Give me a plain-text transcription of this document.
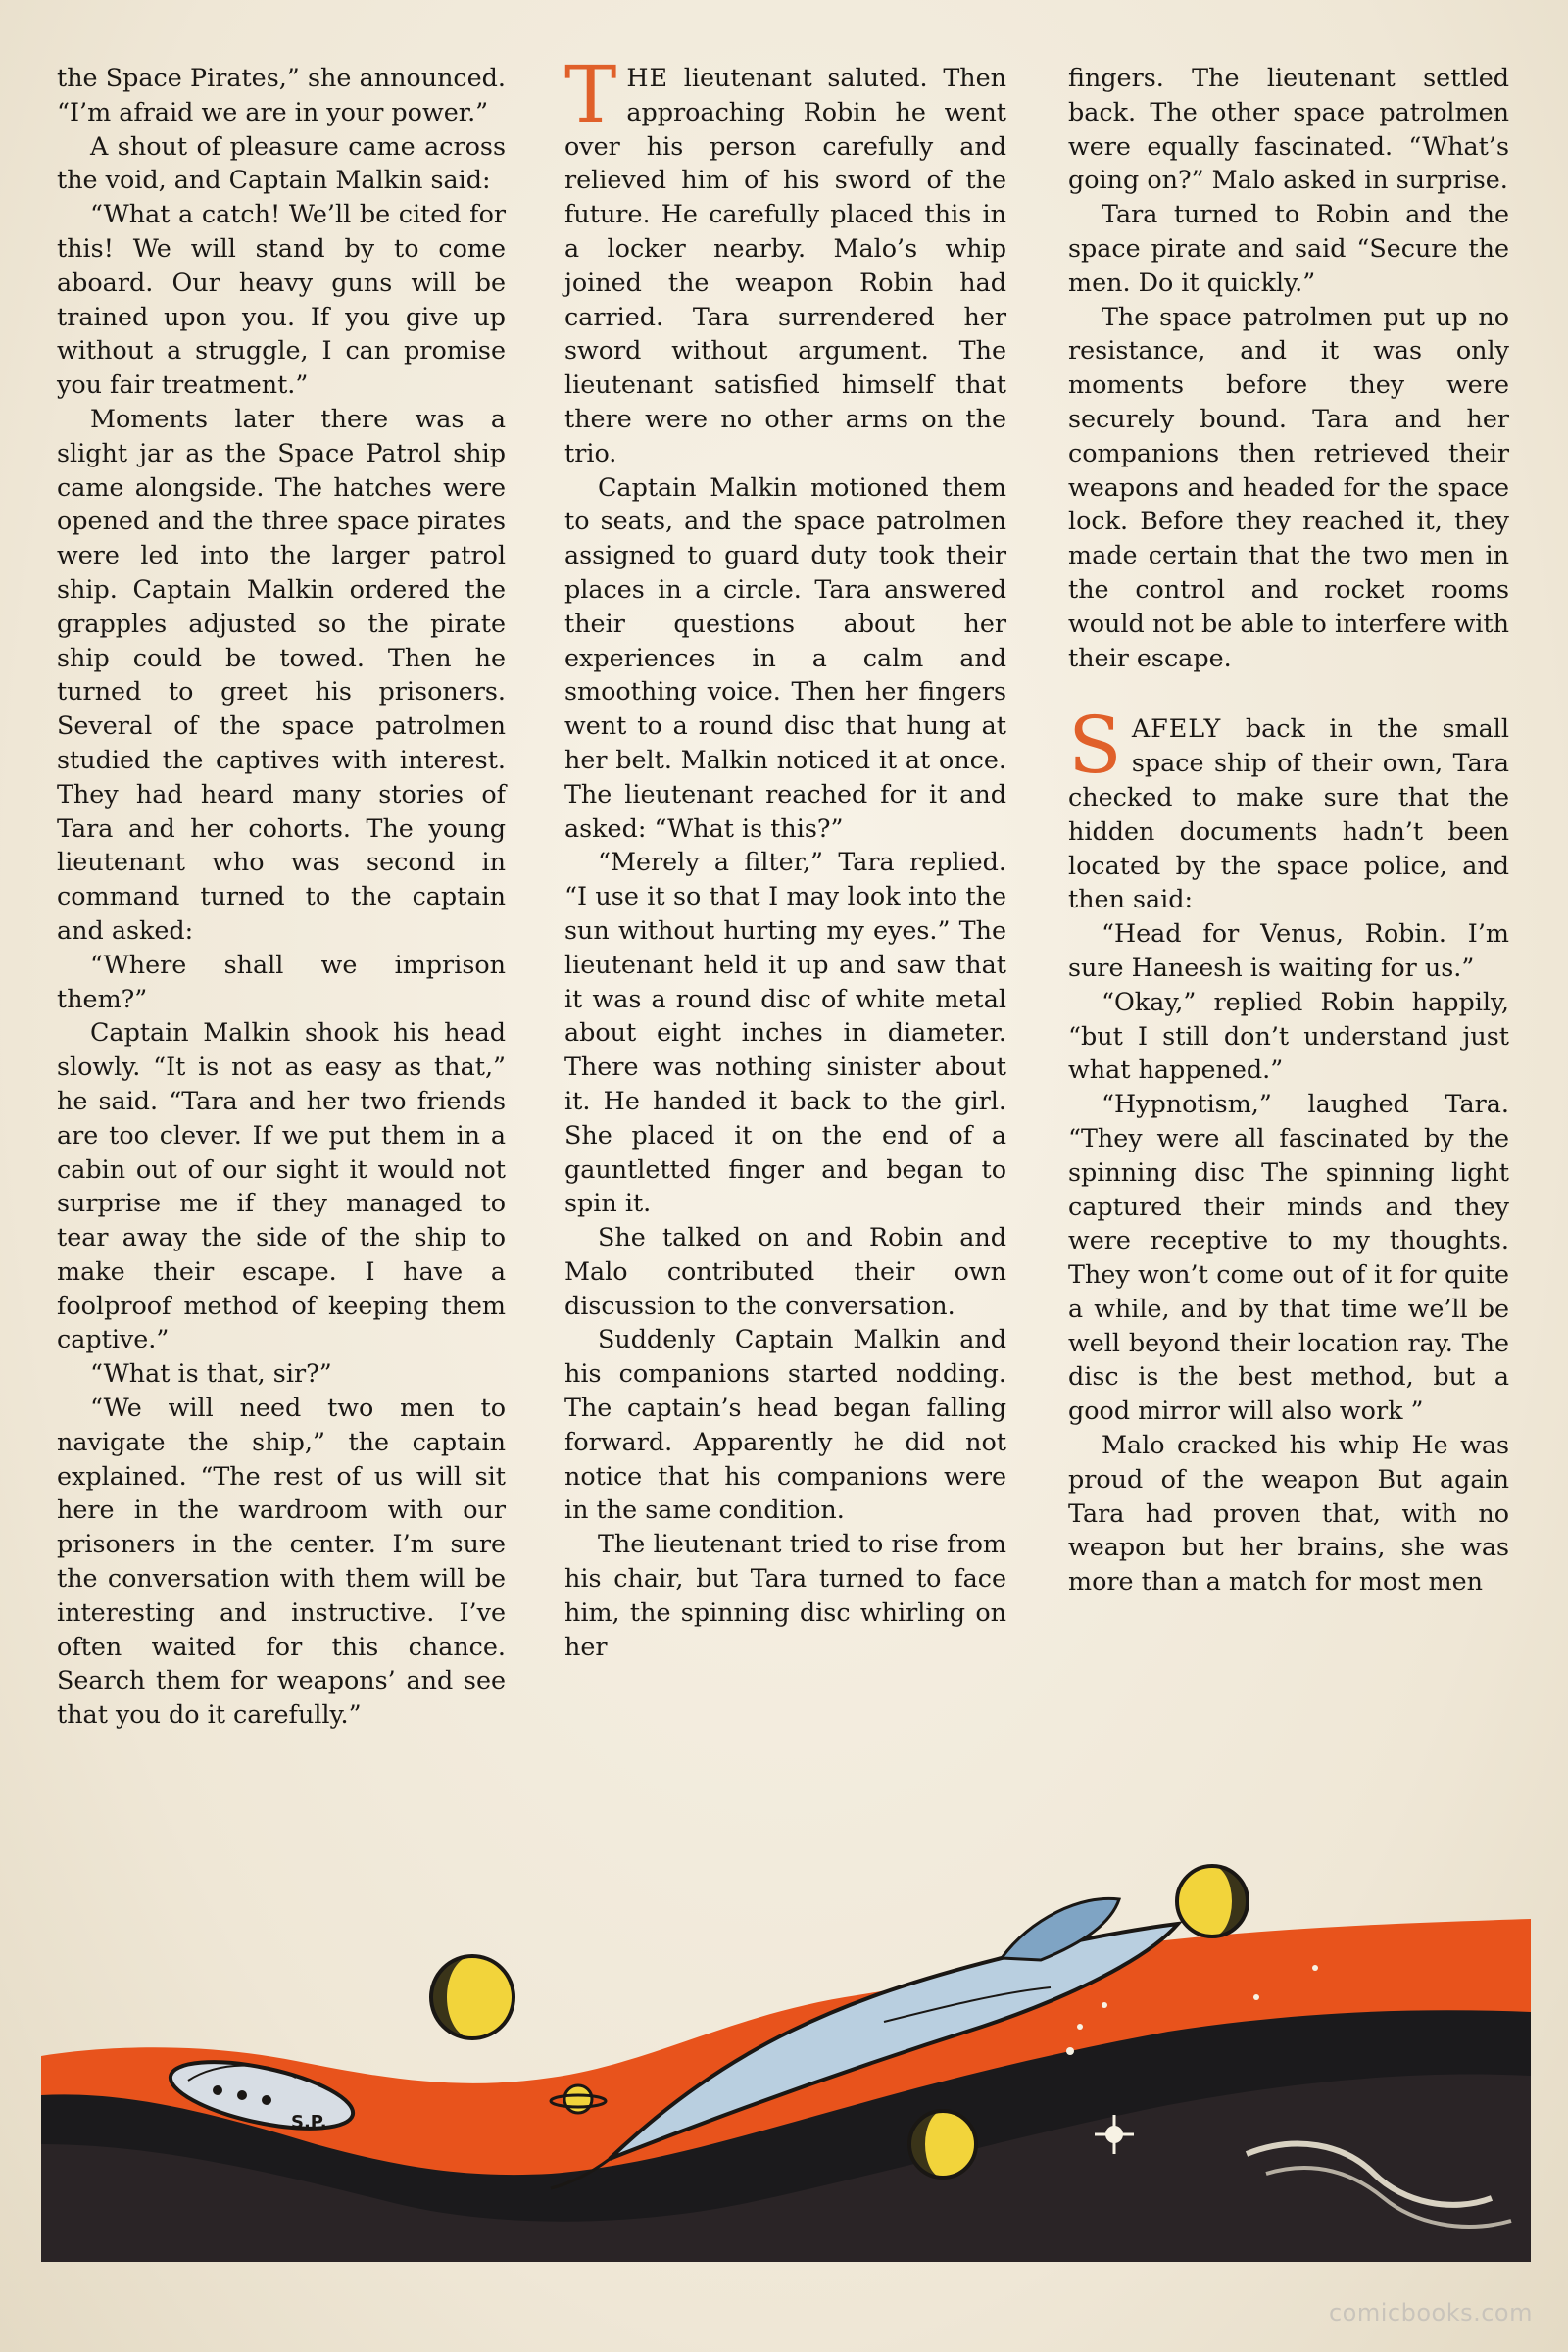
the Space Pirates,” she announced. “I’m afraid we are in your power.”

A shout of pleasure came across the void, and Captain Malkin said:

“What a catch! We’ll be cited for this! We will stand by to come aboard. Our heavy guns will be trained upon you. If you give up without a struggle, I can promise you fair treatment.”

Moments later there was a slight jar as the Space Patrol ship came alongside. The hatches were opened and the three space pirates were led into the larger patrol ship. Captain Malkin ordered the grapples adjusted so the pirate ship could be towed. Then he turned to greet his prisoners. Several of the space patrolmen studied the captives with interest. They had heard many stories of Tara and her cohorts. The young lieutenant who was second in command turned to the captain and asked:

“Where shall we imprison them?”

Captain Malkin shook his head slowly. “It is not as easy as that,” he said. “Tara and her two friends are too clever. If we put them in a cabin out of our sight it would not surprise me if they managed to tear away the side of the ship to make their escape. I have a foolproof method of keeping them captive.”

“What is that, sir?”

“We will need two men to navigate the ship,” the captain explained. “The rest of us will sit here in the wardroom with our prisoners in the center. I’m sure the conversation with them will be interesting and instructive. I’ve often waited for this chance. Search them for weapons’ and see that you do it carefully.”

THE lieutenant saluted. Then approaching Robin he went over his person carefully and relieved him of his sword of the future. He carefully placed this in a locker nearby. Malo’s whip joined the weapon Robin had carried. Tara surrendered her sword without argument. The lieutenant satisfied himself that there were no other arms on the trio.

Captain Malkin motioned them to seats, and the space patrolmen assigned to guard duty took their places in a circle. Tara answered their questions about her experiences in a calm and smoothing voice. Then her fingers went to a round disc that hung at her belt. Malkin noticed it at once. The lieutenant reached for it and asked: “What is this?”

“Merely a filter,” Tara replied. “I use it so that I may look into the sun without hurting my eyes.” The lieutenant held it up and saw that it was a round disc of white metal about eight inches in diameter. There was nothing sinister about it. He handed it back to the girl. She placed it on the end of a gauntletted finger and began to spin it.

She talked on and Robin and Malo contributed their own discussion to the conversation.

Suddenly Captain Malkin and his companions started nodding. The captain’s head began falling forward. Apparently he did not notice that his companions were in the same condition.

The lieutenant tried to rise from his chair, but Tara turned to face him, the spinning disc whirling on her

fingers. The lieutenant settled back. The other space patrolmen were equally fascinated. “What’s going on?” Malo asked in surprise.

Tara turned to Robin and the space pirate and said “Secure the men. Do it quickly.”

The space patrolmen put up no resistance, and it was only moments before they were securely bound. Tara and her companions then retrieved their weapons and headed for the space lock. Before they reached it, they made certain that the two men in the control and rocket rooms would not be able to interfere with their escape.

SAFELY back in the small space ship of their own, Tara checked to make sure that the hidden documents hadn’t been located by the space police, and then said:

“Head for Venus, Robin. I’m sure Haneesh is waiting for us.”

“Okay,” replied Robin happily, “but I still don’t understand just what happened.”

“Hypnotism,” laughed Tara. “They were all fascinated by the spinning disc The spinning light captured their minds and they were receptive to my thoughts. They won’t come out of it for quite a while, and by that time we’ll be well beyond their location ray. The disc is the best method, but a good mirror will also work ”

Malo cracked his whip He was proud of the weapon But again Tara had proven that, with no weapon but her brains, she was more than a match for most men

S.P.
comicbooks.com
